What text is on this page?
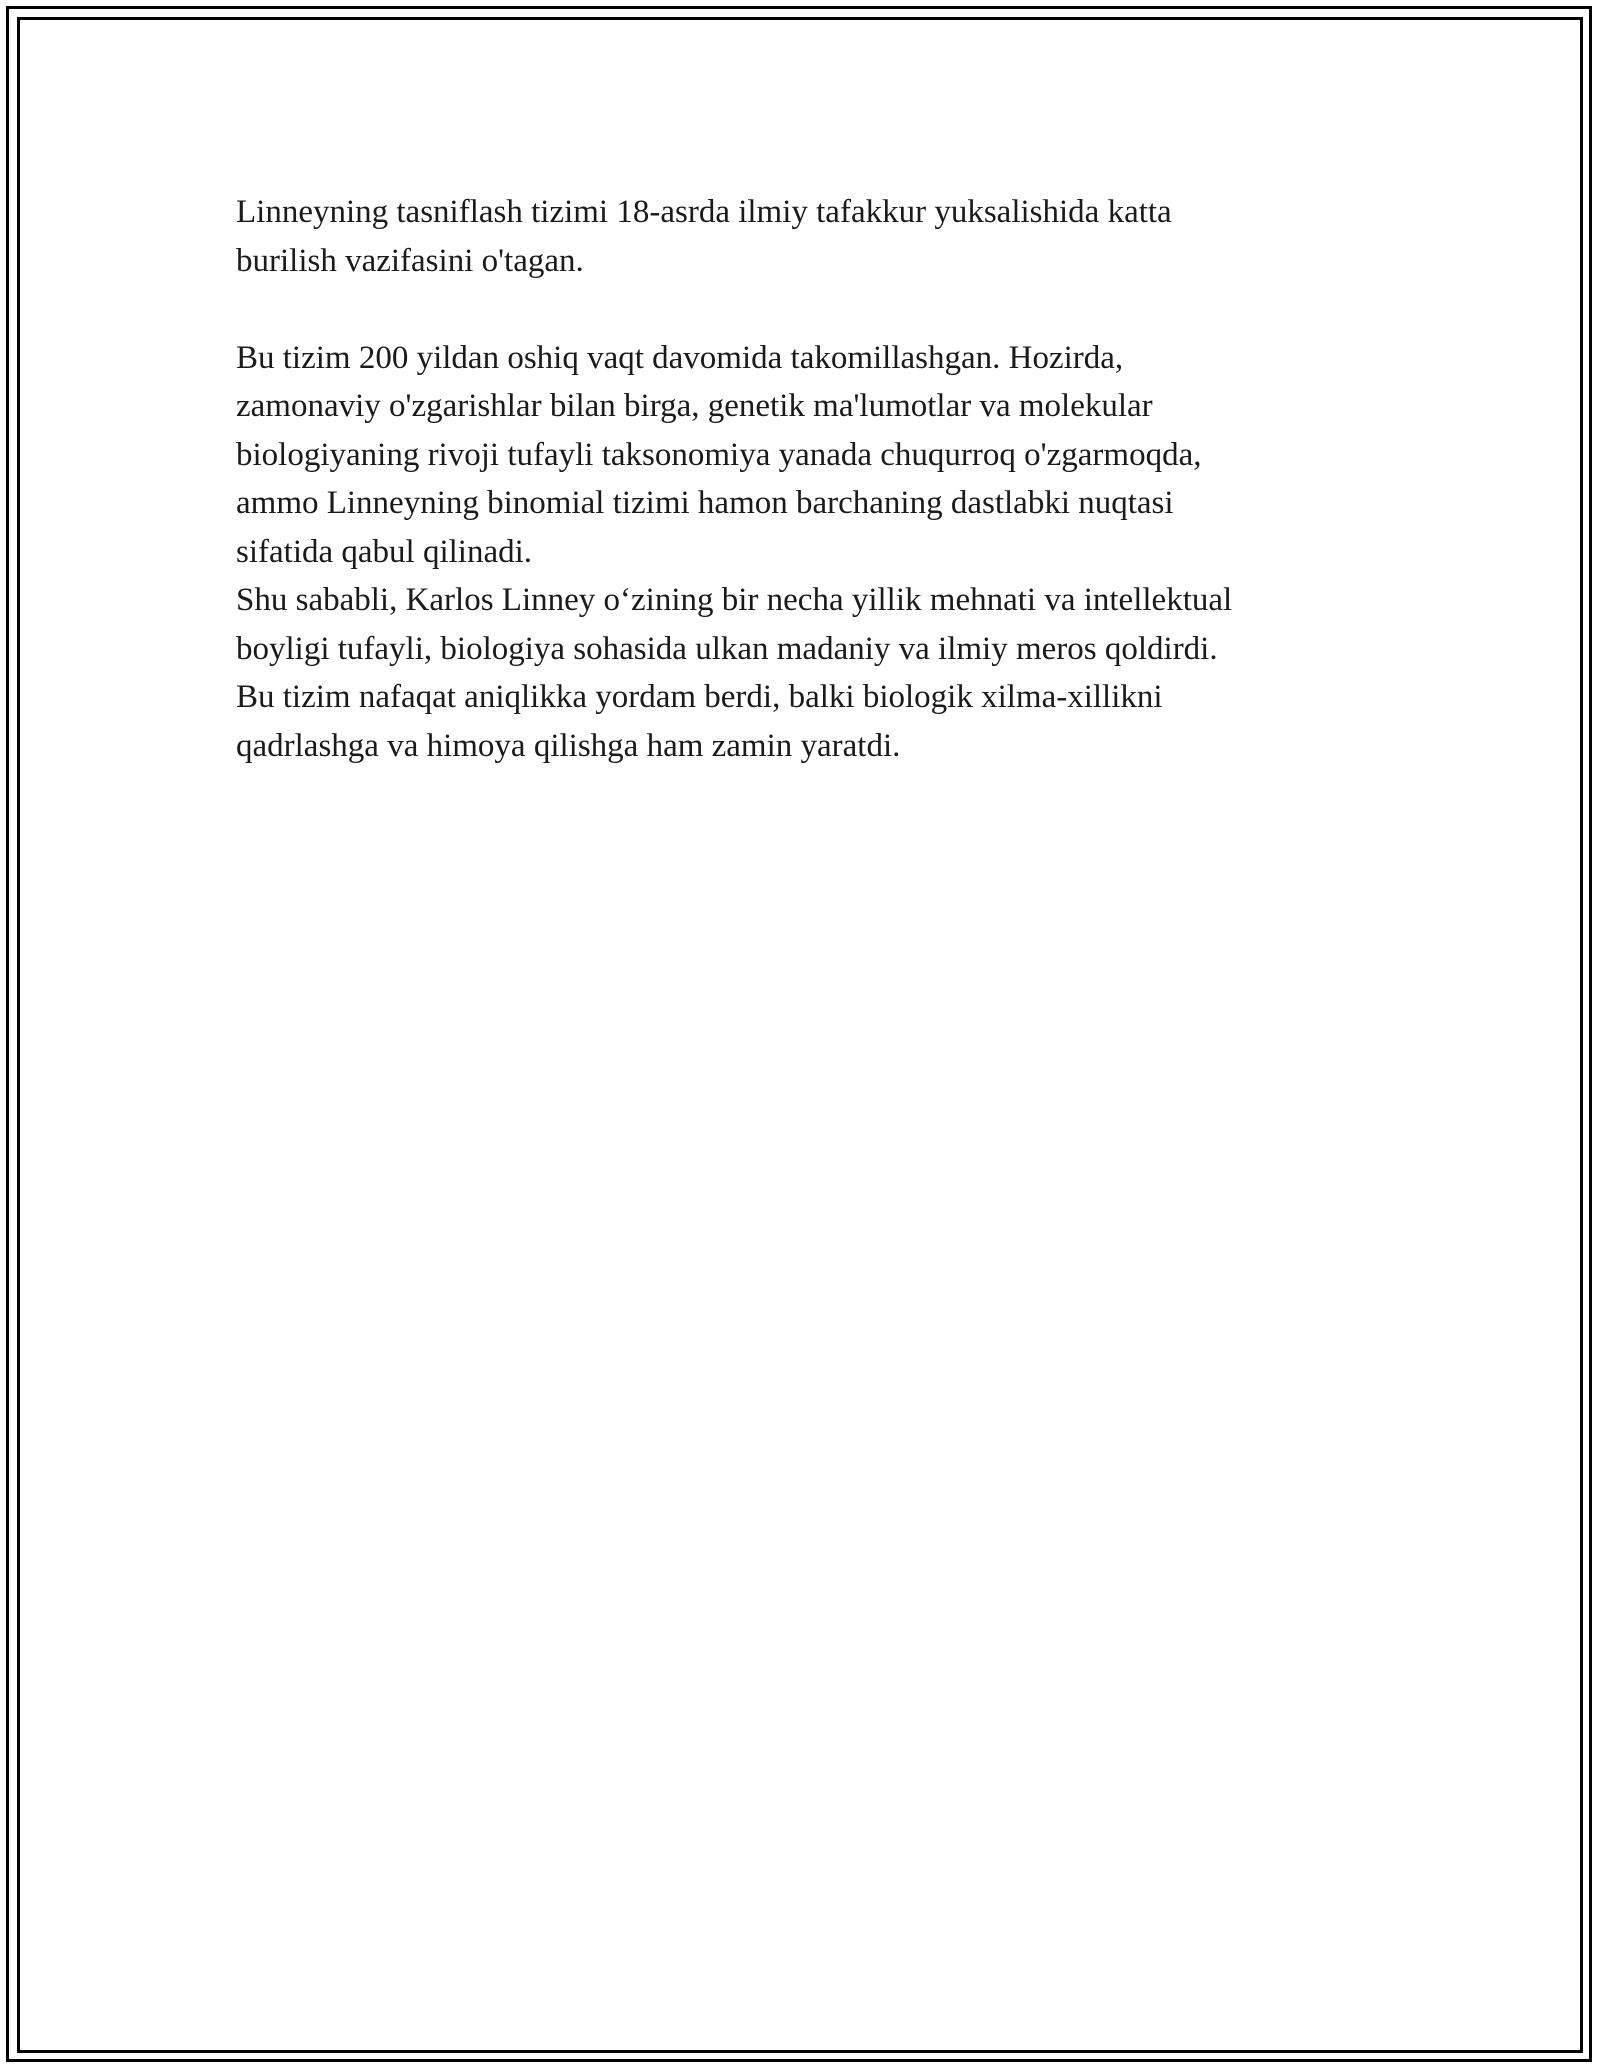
Linneyning tasniflash tizimi 18-asrda ilmiy tafakkur yuksalishida katta
burilish vazifasini o'tagan.

Bu tizim 200 yildan oshiq vaqt davomida takomillashgan. Hozirda,
zamonaviy o'zgarishlar bilan birga, genetik ma'lumotlar va molekular
biologiyaning rivoji tufayli taksonomiya yanada chuqurroq o'zgarmoqda,
ammo Linneyning binomial tizimi hamon barchaning dastlabki nuqtasi
sifatida qabul qilinadi.

Shu sababli, Karlos Linney o‘zining bir necha yillik mehnati va intellektual
boyligi tufayli, biologiya sohasida ulkan madaniy va ilmiy meros qoldirdi.
Bu tizim nafaqat aniqlikka yordam berdi, balki biologik xilma-xillikni
qadrlashga va himoya qilishga ham zamin yaratdi.
